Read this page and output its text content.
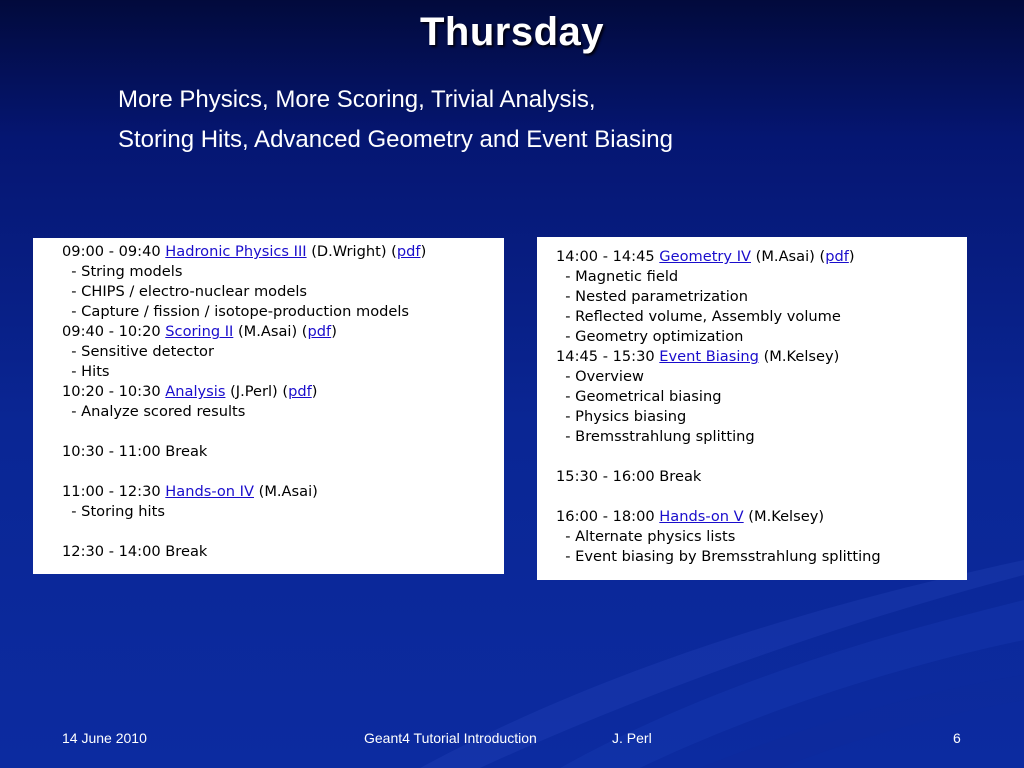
Thursday
More Physics, More Scoring, Trivial Analysis,
Storing Hits, Advanced Geometry and Event Biasing
09:00 - 09:40 Hadronic Physics III (D.Wright) (pdf)
- String models
- CHIPS / electro-nuclear models
- Capture / fission / isotope-production models
09:40 - 10:20 Scoring II (M.Asai) (pdf)
- Sensitive detector
- Hits
10:20 - 10:30 Analysis (J.Perl) (pdf)
- Analyze scored results
10:30 - 11:00 Break
11:00 - 12:30 Hands-on IV (M.Asai)
- Storing hits
12:30 - 14:00 Break
14:00 - 14:45 Geometry IV (M.Asai) (pdf)
- Magnetic field
- Nested parametrization
- Reflected volume, Assembly volume
- Geometry optimization
14:45 - 15:30 Event Biasing (M.Kelsey)
- Overview
- Geometrical biasing
- Physics biasing
- Bremsstrahlung splitting
15:30 - 16:00 Break
16:00 - 18:00 Hands-on V (M.Kelsey)
- Alternate physics lists
- Event biasing by Bremsstrahlung splitting
14 June 2010	Geant4 Tutorial Introduction	J. Perl	6
